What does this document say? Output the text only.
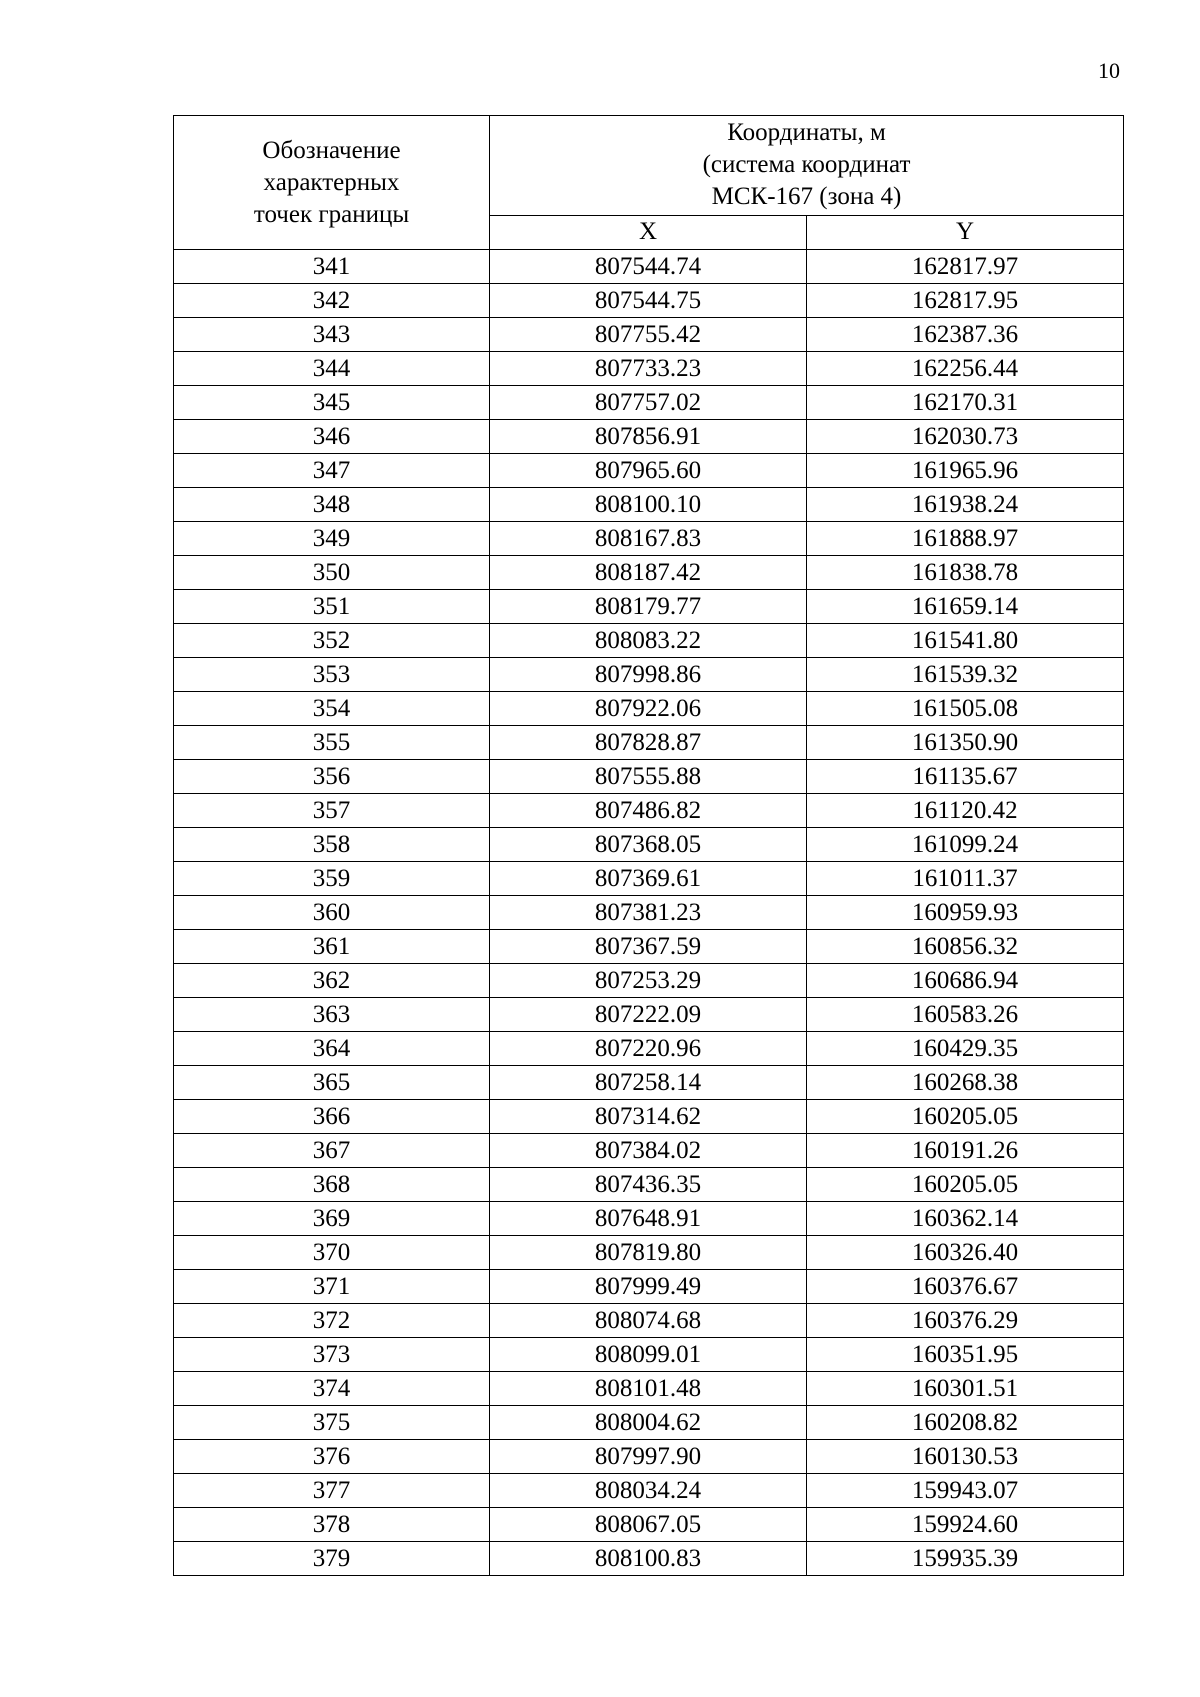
10
Обозначение
характерных
точек границы	Координаты, м
(система координат
МСК-167 (зона 4)	

	X	Y
341	807544.74	162817.97
342	807544.75	162817.95
343	807755.42	162387.36
344	807733.23	162256.44
345	807757.02	162170.31
346	807856.91	162030.73
347	807965.60	161965.96
348	808100.10	161938.24
349	808167.83	161888.97
350	808187.42	161838.78
351	808179.77	161659.14
352	808083.22	161541.80
353	807998.86	161539.32
354	807922.06	161505.08
355	807828.87	161350.90
356	807555.88	161135.67
357	807486.82	161120.42
358	807368.05	161099.24
359	807369.61	161011.37
360	807381.23	160959.93
361	807367.59	160856.32
362	807253.29	160686.94
363	807222.09	160583.26
364	807220.96	160429.35
365	807258.14	160268.38
366	807314.62	160205.05
367	807384.02	160191.26
368	807436.35	160205.05
369	807648.91	160362.14
370	807819.80	160326.40
371	807999.49	160376.67
372	808074.68	160376.29
373	808099.01	160351.95
374	808101.48	160301.51
375	808004.62	160208.82
376	807997.90	160130.53
377	808034.24	159943.07
378	808067.05	159924.60
379	808100.83	159935.39
